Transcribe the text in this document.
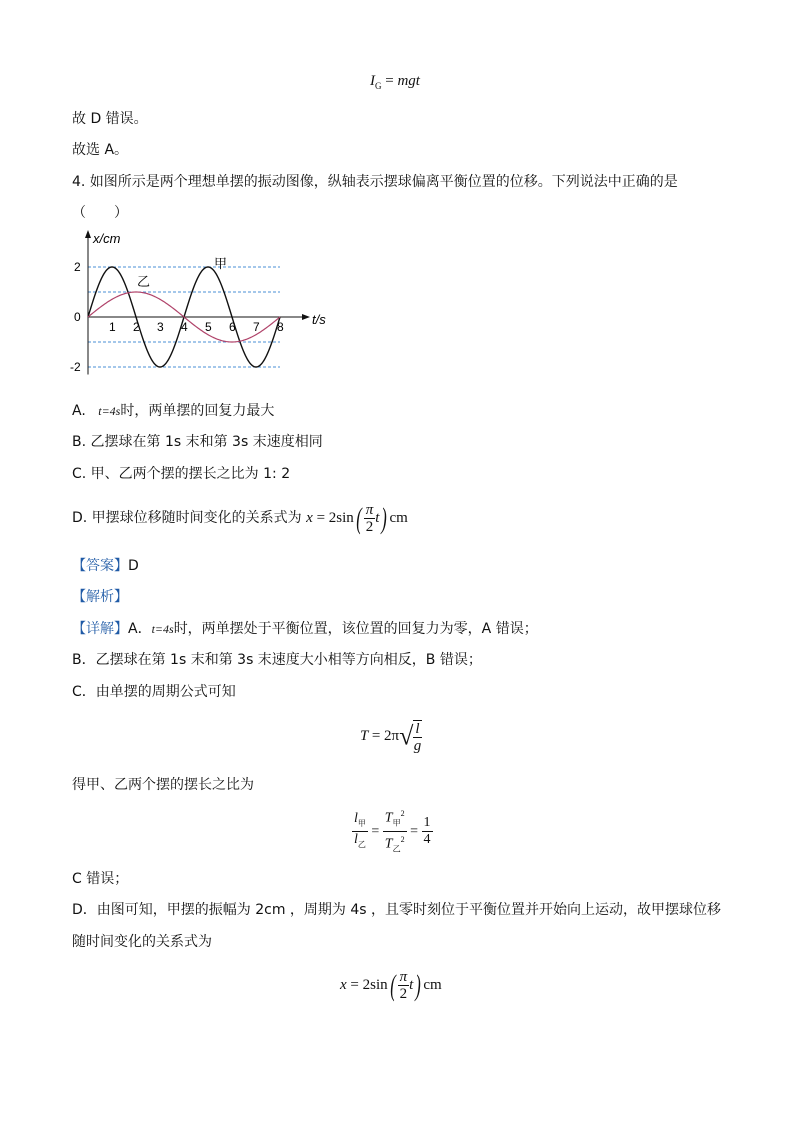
$I_G$ = mgt
故 D 错误。
故选 A。
4. 如图所示是两个理想单摆的振动图像，纵轴表示摆球偏离平衡位置的位移。下列说法中正确的是
（　　）
1 2 3 4 5 6 7 8
2
0
-2
x/cm
t/s
甲
乙
A. t=4s时，两单摆的回复力最大
B. 乙摆球在第 1s 末和第 3s 末速度相同
C. 甲、乙两个摆的摆长之比为 1: 2
D. 甲摆球位移随时间变化的关系式为 $x = 2\sin( \frac{\pi}{2} t)$ cm
【答案】D
【解析】
【详解】A．t=4s时，两单摆处于平衡位置，该位置的回复力为零，A 错误；
B．乙摆球在第 1s 末和第 3s 末速度大小相等方向相反，B 错误；
C．由单摆的周期公式可知
$T = 2\pi√ \frac{l}{g}$
得甲、乙两个摆的摆长之比为
$\frac{l_甲}{l_乙} = \frac{T_甲^2}{T_乙^2} = \frac{1}{4}$
C 错误；
D．由图可知，甲摆的振幅为 2cm ，周期为 4s ，且零时刻位于平衡位置并开始向上运动，故甲摆球位移
随时间变化的关系式为
$x = 2\sin( \frac{\pi}{2} t)$ cm
